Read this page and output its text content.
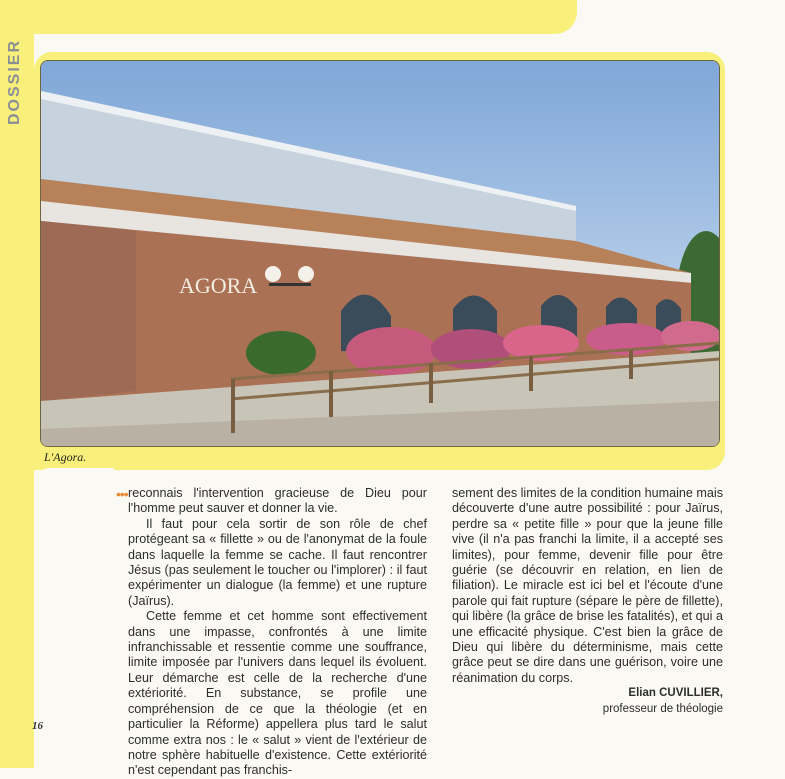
DOSSIER
AGORA
L'Agora.
••• reconnais l'intervention gracieuse de Dieu pour l'homme peut sauver et donner la vie.

Il faut pour cela sortir de son rôle de chef protégeant sa « fillette » ou de l'anonymat de la foule dans laquelle la femme se cache. Il faut rencontrer Jésus (pas seulement le toucher ou l'implorer) : il faut expérimenter un dialogue (la femme) et une rupture (Jaïrus).

Cette femme et cet homme sont effectivement dans une impasse, confrontés à une limite infranchissable et ressentie comme une souffrance, limite imposée par l'univers dans lequel ils évoluent. Leur démarche est celle de la recherche d'une extériorité. En substance, se profile une compréhension de ce que la théologie (et en particulier la Réforme) appellera plus tard le salut comme extra nos : le « salut » vient de l'extérieur de notre sphère habituelle d'existence. Cette extériorité n'est cependant pas franchis-

sement des limites de la condition humaine mais découverte d'une autre possibilité : pour Jaïrus, perdre sa « petite fille » pour que la jeune fille vive (il n'a pas franchi la limite, il a accepté ses limites), pour femme, devenir fille pour être guérie (se découvrir en relation, en lien de filiation). Le miracle est ici bel et l'écoute d'une parole qui fait rupture (sépare le père de fillette), qui libère (la grâce de brise les fatalités), et qui a une efficacité physique. C'est bien la grâce de Dieu qui libère du déterminisme, mais cette grâce peut se dire dans une guérison, voire une réanimation du corps.

Elian CUVILLIER,

professeur de théologie

16
